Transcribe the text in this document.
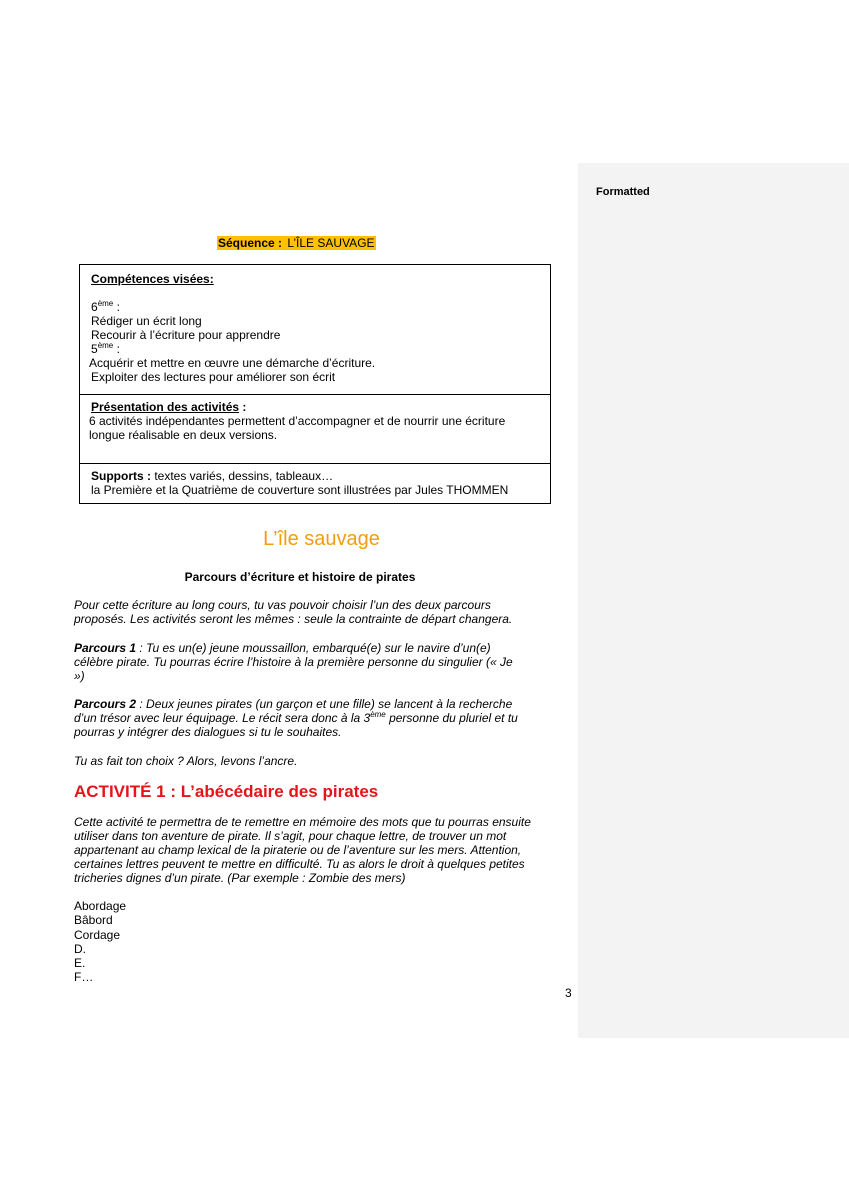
Formatted
Séquence : L’ÎLE SAUVAGE
Compétences visées:
6ème :
Rédiger un écrit long
Recourir à l’écriture pour apprendre
5ème :
Acquérir et mettre en œuvre une démarche d’écriture.
Exploiter des lectures pour améliorer son écrit
Présentation des activités :
6 activités indépendantes permettent d’accompagner et de nourrir une écriture
longue réalisable en deux versions.
Supports : textes variés, dessins, tableaux…
la Première et la Quatrième de couverture sont illustrées par Jules THOMMEN
L’île sauvage
Parcours d’écriture et histoire de pirates
Pour cette écriture au long cours, tu vas pouvoir choisir l’un des deux parcours
proposés. Les activités seront les mêmes : seule la contrainte de départ changera.
Parcours 1 : Tu es un(e) jeune moussaillon, embarqué(e) sur le navire d’un(e)
célèbre pirate. Tu pourras écrire l’histoire à la première personne du singulier (« Je
»)
Parcours 2 : Deux jeunes pirates (un garçon et une fille) se lancent à la recherche
d’un trésor avec leur équipage. Le récit sera donc à la 3ème personne du pluriel et tu
pourras y intégrer des dialogues si tu le souhaites.
Tu as fait ton choix ? Alors, levons l’ancre.
ACTIVITÉ 1 : L’abécédaire des pirates
Cette activité te permettra de te remettre en mémoire des mots que tu pourras ensuite
utiliser dans ton aventure de pirate. Il s’agit, pour chaque lettre, de trouver un mot
appartenant au champ lexical de la piraterie ou de l’aventure sur les mers. Attention,
certaines lettres peuvent te mettre en difficulté. Tu as alors le droit à quelques petites
tricheries dignes d’un pirate. (Par exemple : Zombie des mers)
Abordage
Bâbord
Cordage
D.
E.
F…
3
